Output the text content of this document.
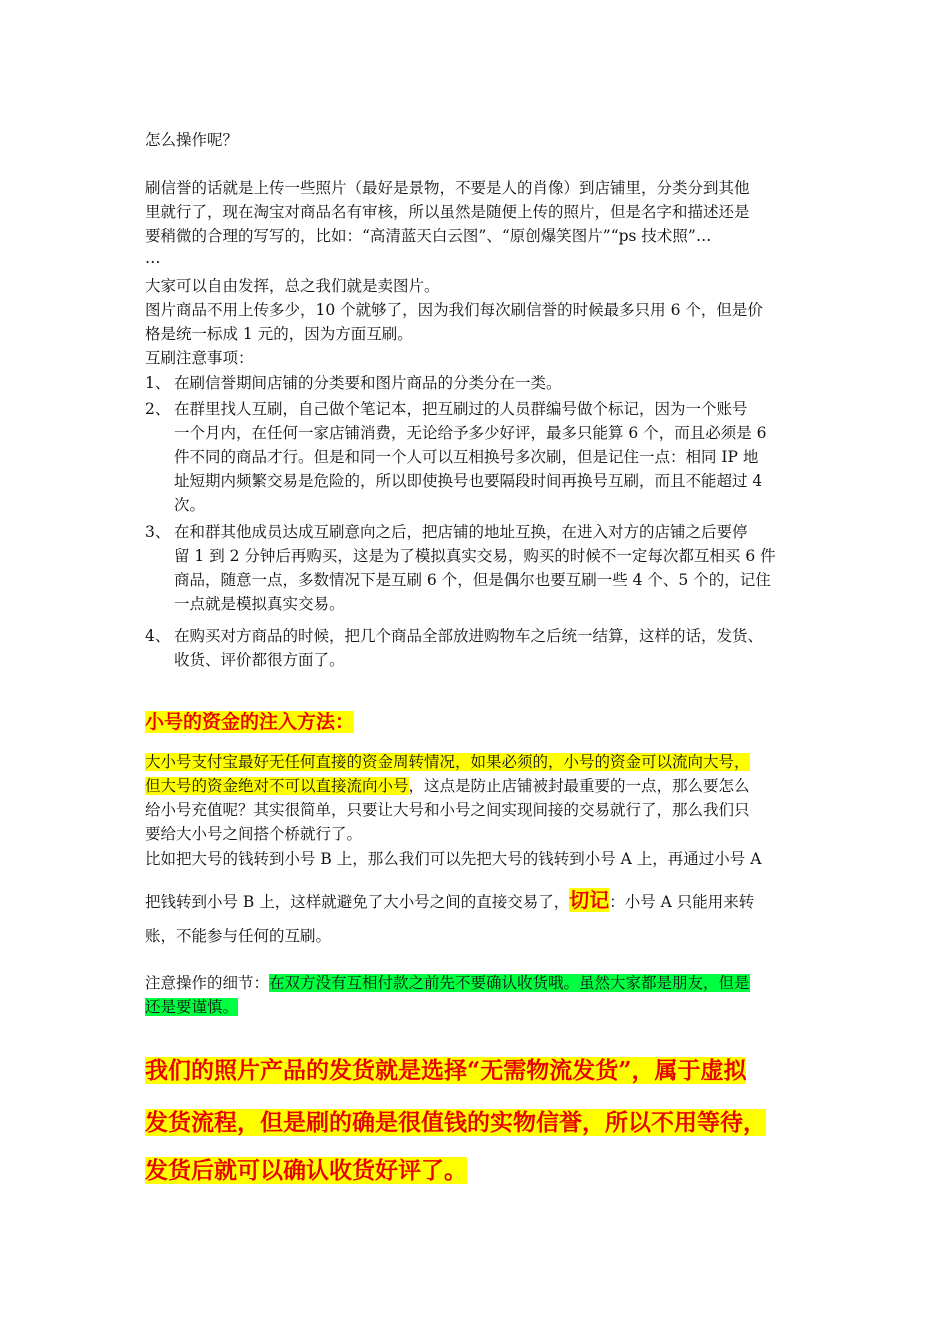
怎么操作呢？

刷信誉的话就是上传一些照片（最好是景物，不要是人的肖像）到店铺里，分类分到其他

里就行了，现在淘宝对商品名有审核，所以虽然是随便上传的照片，但是名字和描述还是

要稍微的合理的写写的，比如：“高清蓝天白云图”、“原创爆笑图片”“ps 技术照”…

…

大家可以自由发挥，总之我们就是卖图片。

图片商品不用上传多少，10 个就够了，因为我们每次刷信誉的时候最多只用 6 个，但是价

格是统一标成 1 元的，因为方面互刷。

互刷注意事项：

1、 在刷信誉期间店铺的分类要和图片商品的分类分在一类。
2、 在群里找人互刷，自己做个笔记本，把互刷过的人员群编号做个标记，因为一个账号
一个月内，在任何一家店铺消费，无论给予多少好评，最多只能算 6 个，而且必须是 6
件不同的商品才行。但是和同一个人可以互相换号多次刷，但是记住一点：相同 IP 地
址短期内频繁交易是危险的，所以即使换号也要隔段时间再换号互刷，而且不能超过 4
次。
3、 在和群其他成员达成互刷意向之后，把店铺的地址互换，在进入对方的店铺之后要停
留 1 到 2 分钟后再购买，这是为了模拟真实交易，购买的时候不一定每次都互相买 6 件
商品，随意一点，多数情况下是互刷 6 个，但是偶尔也要互刷一些 4 个、5 个的，记住
一点就是模拟真实交易。
4、 在购买对方商品的时候，把几个商品全部放进购物车之后统一结算，这样的话，发货、
收货、评价都很方面了。

小号的资金的注入方法：

大小号支付宝最好无任何直接的资金周转情况，如果必须的，小号的资金可以流向大号，

但大号的资金绝对不可以直接流向小号，这点是防止店铺被封最重要的一点，那么要怎么

给小号充值呢？其实很简单，只要让大号和小号之间实现间接的交易就行了，那么我们只

要给大小号之间搭个桥就行了。

比如把大号的钱转到小号 B 上，那么我们可以先把大号的钱转到小号 A 上，再通过小号 A

把钱转到小号 B 上，这样就避免了大小号之间的直接交易了，切记：小号 A 只能用来转

账，不能参与任何的互刷。

注意操作的细节：在双方没有互相付款之前先不要确认收货哦。虽然大家都是朋友，但是

还是要谨慎。

我们的照片产品的发货就是选择“无需物流发货”，属于虚拟

发货流程，但是刷的确是很值钱的实物信誉，所以不用等待，

发货后就可以确认收货好评了。
